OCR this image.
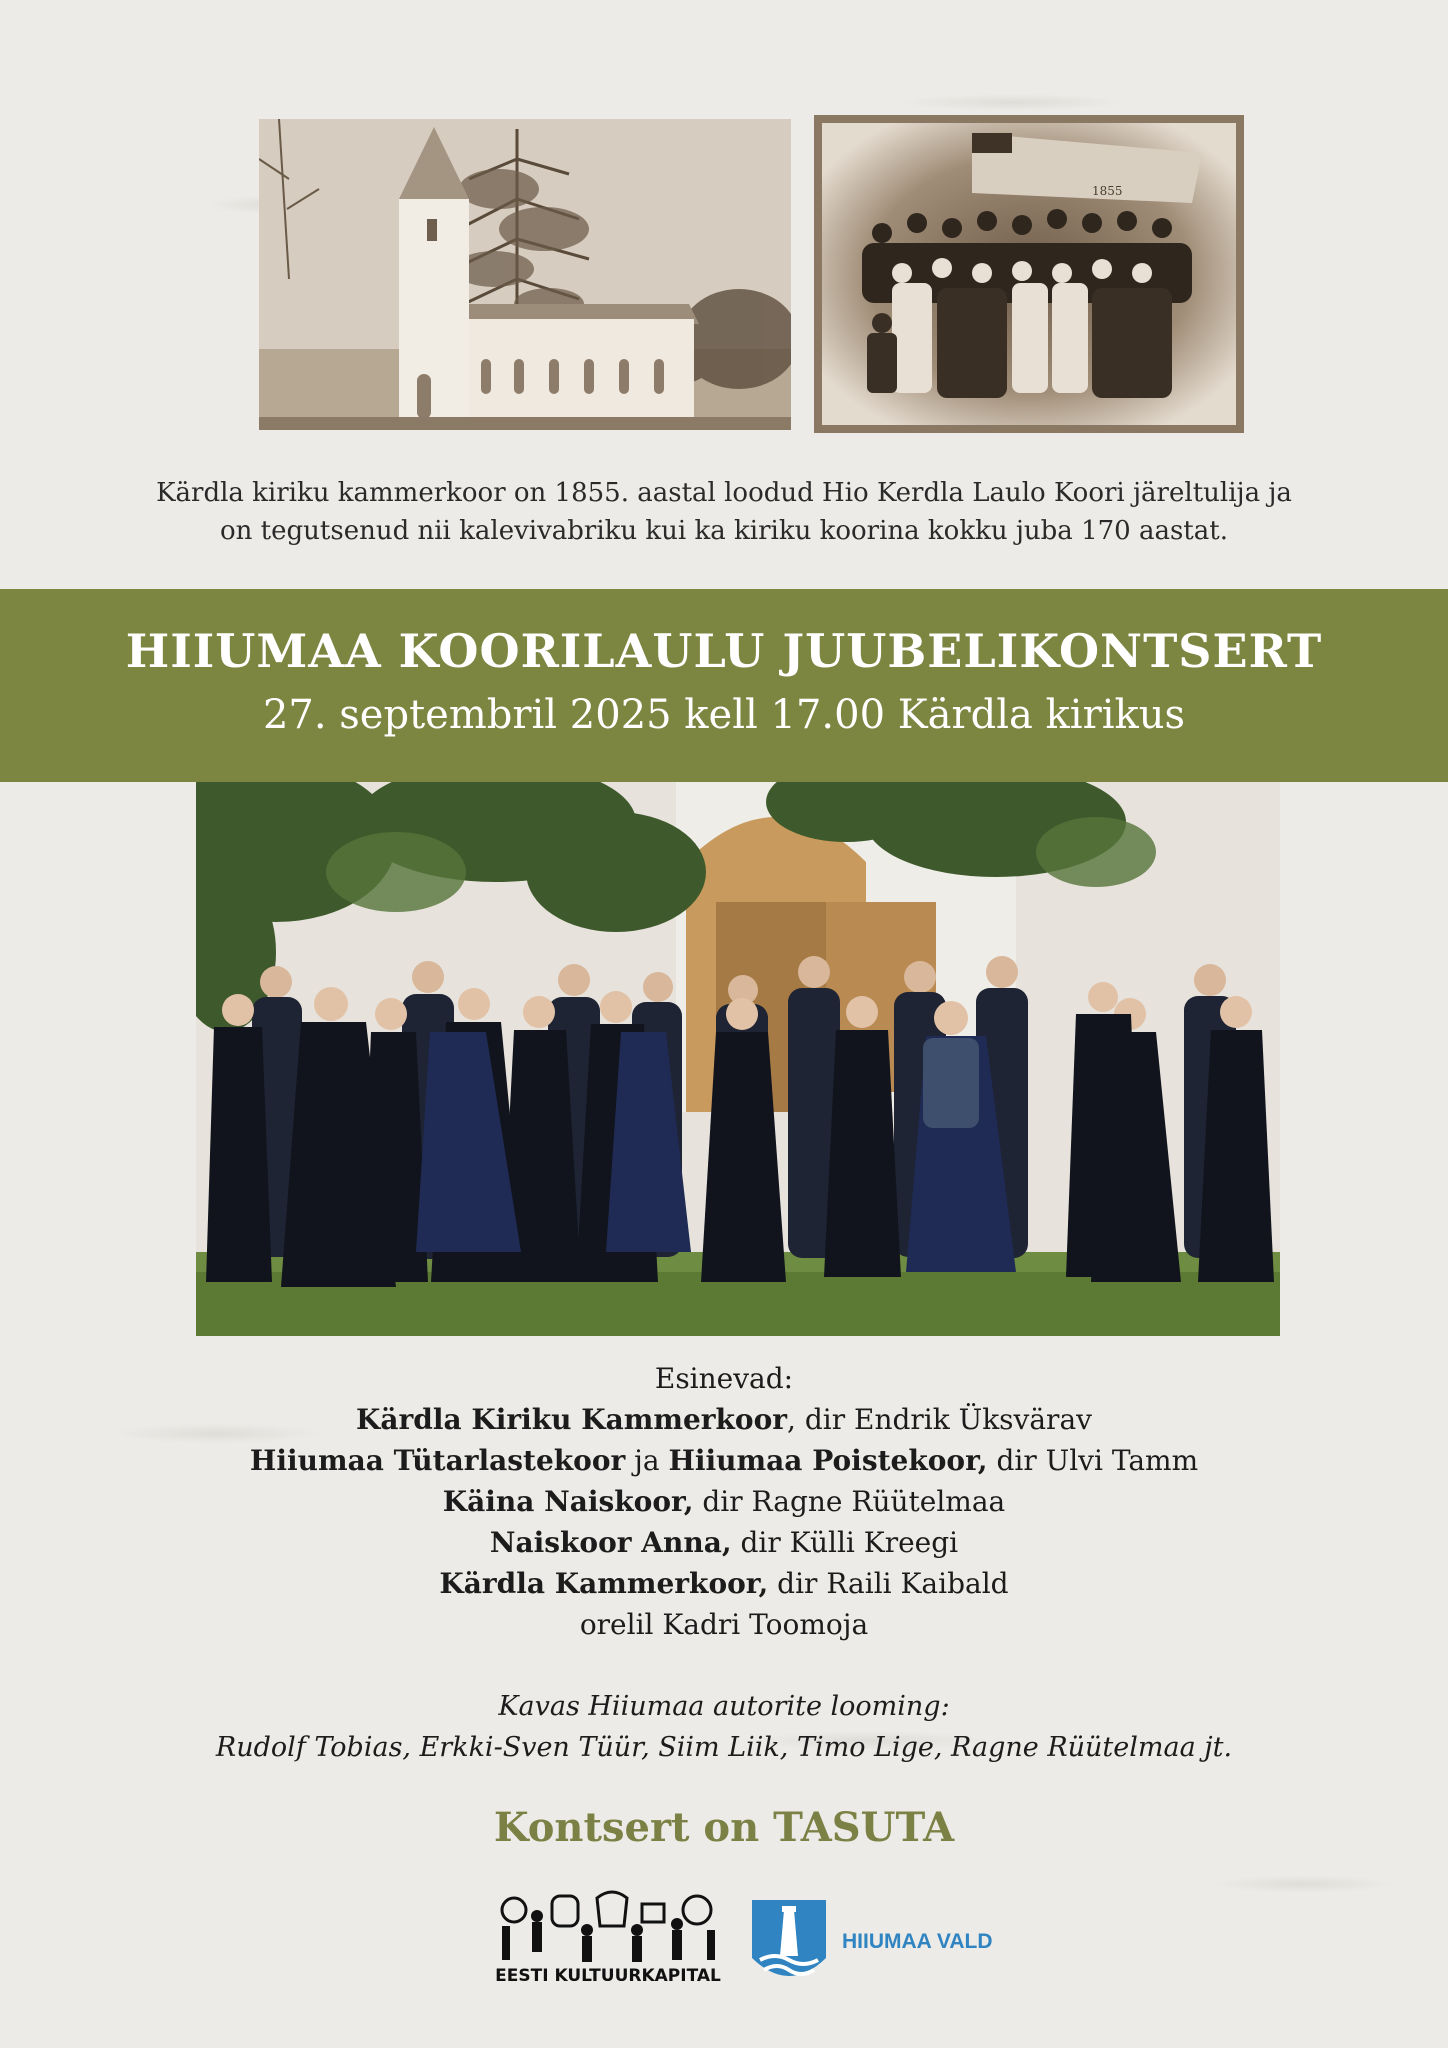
1855
Kärdla kiriku kammerkoor on 1855. aastal loodud Hio Kerdla Laulo Koori järeltulija ja
on tegutsenud nii kalevivabriku kui ka kiriku koorina kokku juba 170 aastat.
HIIUMAA KOORILAULU JUUBELIKONTSERT
27. septembril 2025 kell 17.00 Kärdla kirikus
Esinevad:
Kärdla Kiriku Kammerkoor, dir Endrik Üksvärav
Hiiumaa Tütarlastekoor ja Hiiumaa Poistekoor, dir Ulvi Tamm
Käina Naiskoor, dir Ragne Rüütelmaa
Naiskoor Anna, dir Külli Kreegi
Kärdla Kammerkoor, dir Raili Kaibald
orelil Kadri Toomoja
Kavas Hiiumaa autorite looming:
Rudolf Tobias, Erkki-Sven Tüür, Siim Liik, Timo Lige, Ragne Rüütelmaa jt.
Kontsert on TASUTA
EESTI KULTUURKAPITAL
HIIUMAA VALD
